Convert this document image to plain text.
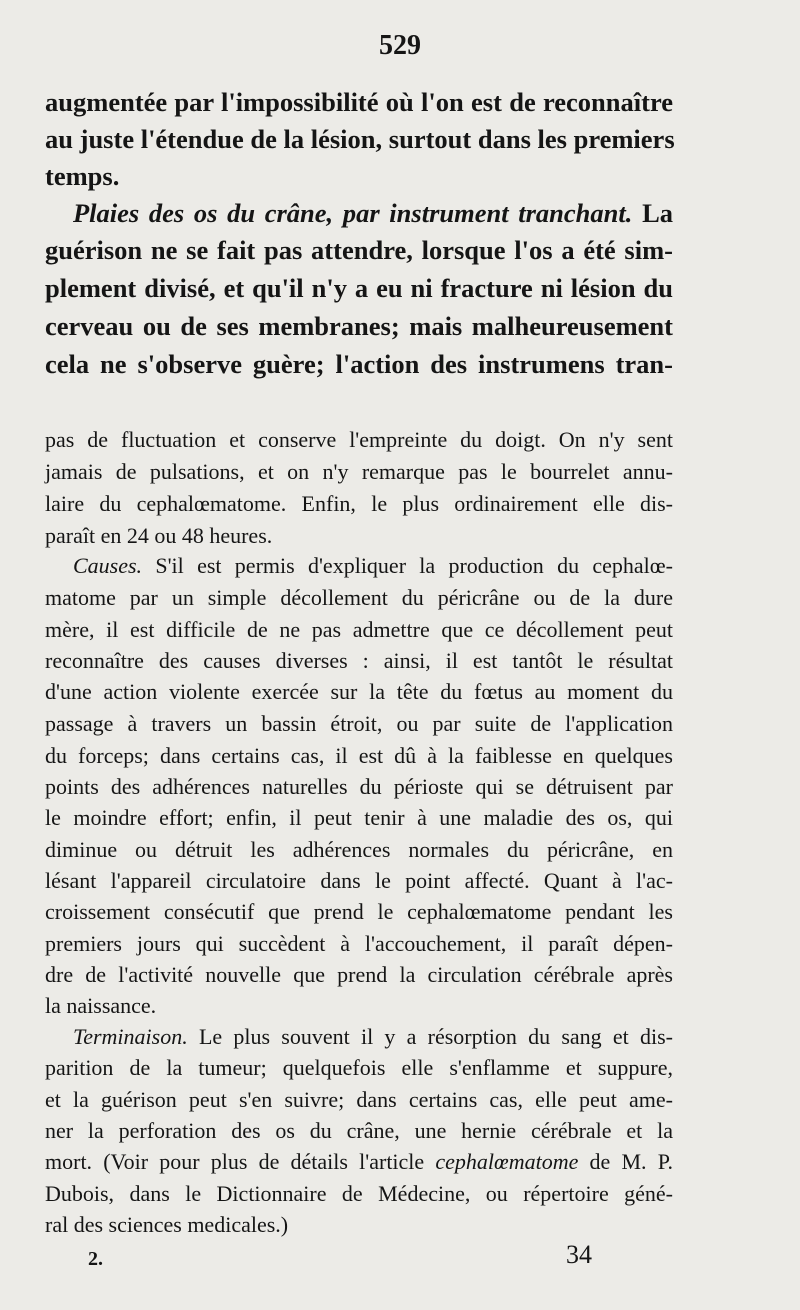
529
augmentée par l'impossibilité où l'on est de reconnaître
au juste l'étendue de la lésion, surtout dans les premiers
temps.
Plaies des os du crâne, par instrument tranchant. La
guérison ne se fait pas attendre, lorsque l'os a été sim-
plement divisé, et qu'il n'y a eu ni fracture ni lésion du
cerveau ou de ses membranes; mais malheureusement
cela ne s'observe guère; l'action des instrumens tran-
pas de fluctuation et conserve l'empreinte du doigt. On n'y sent
jamais de pulsations, et on n'y remarque pas le bourrelet annu-
laire du cephalœmatome. Enfin, le plus ordinairement elle dis-
paraît en 24 ou 48 heures.
Causes. S'il est permis d'expliquer la production du cephalœ-
matome par un simple décollement du péricrâne ou de la dure
mère, il est difficile de ne pas admettre que ce décollement peut
reconnaître des causes diverses : ainsi, il est tantôt le résultat
d'une action violente exercée sur la tête du fœtus au moment du
passage à travers un bassin étroit, ou par suite de l'application
du forceps; dans certains cas, il est dû à la faiblesse en quelques
points des adhérences naturelles du périoste qui se détruisent par
le moindre effort; enfin, il peut tenir à une maladie des os, qui
diminue ou détruit les adhérences normales du péricrâne, en
lésant l'appareil circulatoire dans le point affecté. Quant à l'ac-
croissement consécutif que prend le cephalœmatome pendant les
premiers jours qui succèdent à l'accouchement, il paraît dépen-
dre de l'activité nouvelle que prend la circulation cérébrale après
la naissance.
Terminaison. Le plus souvent il y a résorption du sang et dis-
parition de la tumeur; quelquefois elle s'enflamme et suppure,
et la guérison peut s'en suivre; dans certains cas, elle peut ame-
ner la perforation des os du crâne, une hernie cérébrale et la
mort. (Voir pour plus de détails l'article cephalœmatome de M. P.
Dubois, dans le Dictionnaire de Médecine, ou répertoire géné-
ral des sciences medicales.)
2.	34
